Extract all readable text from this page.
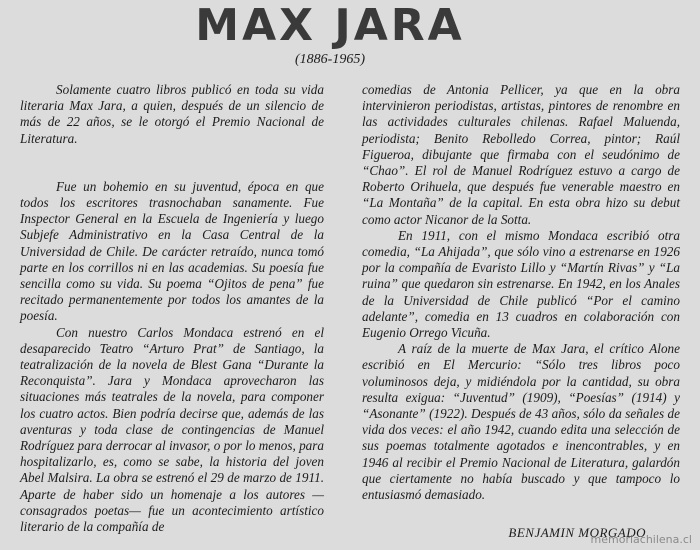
MAX JARA
(1886-1965)

Solamente cuatro libros publicó en toda su vida literaria Max Jara, a quien, después de un silencio de más de 22 años, se le otorgó el Premio Nacional de Literatura.

Fue un bohemio en su juventud, época en que todos los escritores trasnochaban sanamente. Fue Inspector General en la Escuela de Ingeniería y luego Subjefe Administrativo en la Casa Central de la Universidad de Chile. De carácter retraído, nunca tomó parte en los corrillos ni en las academias. Su poesía fue sencilla como su vida. Su poema “Ojitos de pena” fue recitado permanentemente por todos los amantes de la poesía.

Con nuestro Carlos Mondaca estrenó en el desaparecido Teatro “Arturo Prat” de Santiago, la teatralización de la novela de Blest Gana “Durante la Reconquista”. Jara y Mondaca aprovecharon las situaciones más teatrales de la novela, para componer los cuatro actos. Bien podría decirse que, además de las aventuras y toda clase de contingencias de Manuel Rodríguez para derrocar al invasor, o por lo menos, para hospitalizarlo, es, como se sabe, la historia del joven Abel Malsira. La obra se estrenó el 29 de marzo de 1911. Aparte de haber sido un homenaje a los autores —consagrados poetas— fue un acontecimiento artístico literario de la compañía de

comedias de Antonia Pellicer, ya que en la obra intervinieron periodistas, artistas, pintores de renombre en las actividades culturales chilenas. Rafael Maluenda, periodista; Benito Rebolledo Correa, pintor; Raúl Figueroa, dibujante que firmaba con el seudónimo de “Chao”. El rol de Manuel Rodríguez estuvo a cargo de Roberto Orihuela, que después fue venerable maestro en “La Montaña” de la capital. En esta obra hizo su debut como actor Nicanor de la Sotta.

En 1911, con el mismo Mondaca escribió otra comedia, “La Ahijada”, que sólo vino a estrenarse en 1926 por la compañía de Evaristo Lillo y “Martín Rivas” y “La ruina” que quedaron sin estrenarse. En 1942, en los Anales de la Universidad de Chile publicó “Por el camino adelante”, comedia en 13 cuadros en colaboración con Eugenio Orrego Vicuña.

A raíz de la muerte de Max Jara, el crítico Alone escribió en El Mercurio: “Sólo tres libros poco voluminosos deja, y midiéndola por la cantidad, su obra resulta exigua: “Juventud” (1909), “Poesías” (1914) y “Asonante” (1922). Después de 43 años, sólo da señales de vida dos veces: el año 1942, cuando edita una selección de sus poemas totalmente agotados e inencontrables, y en 1946 al recibir el Premio Nacional de Literatura, galardón que ciertamente no había buscado y que tampoco lo entusiasmó demasiado.

BENJAMIN MORGADO
memoriachilena.cl
